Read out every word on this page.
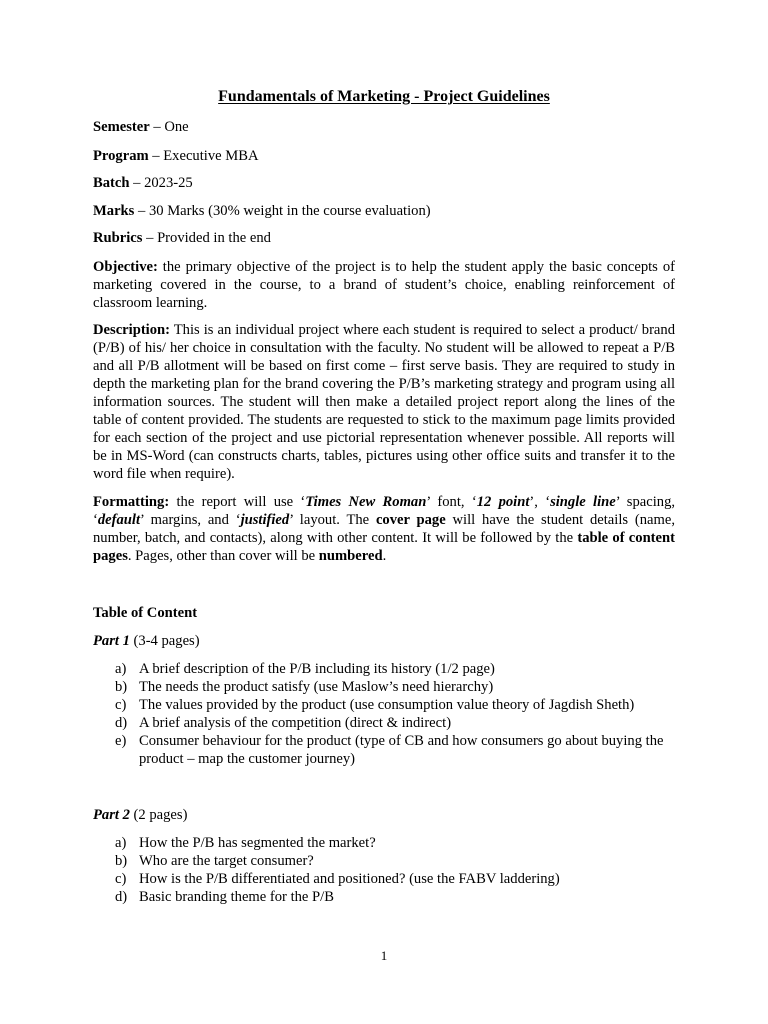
Fundamentals of Marketing - Project Guidelines
Semester – One
Program – Executive MBA
Batch – 2023-25
Marks – 30 Marks (30% weight in the course evaluation)
Rubrics – Provided in the end
Objective: the primary objective of the project is to help the student apply the basic concepts of marketing covered in the course, to a brand of student’s choice, enabling reinforcement of classroom learning.
Description: This is an individual project where each student is required to select a product/ brand (P/B) of his/ her choice in consultation with the faculty. No student will be allowed to repeat a P/B and all P/B allotment will be based on first come – first serve basis. They are required to study in depth the marketing plan for the brand covering the P/B’s marketing strategy and program using all information sources. The student will then make a detailed project report along the lines of the table of content provided. The students are requested to stick to the maximum page limits provided for each section of the project and use pictorial representation whenever possible. All reports will be in MS-Word (can constructs charts, tables, pictures using other office suits and transfer it to the word file when require).
Formatting: the report will use ‘Times New Roman’ font, ‘12 point’, ‘single line’ spacing, ‘default’ margins, and ‘justified’ layout. The cover page will have the student details (name, number, batch, and contacts), along with other content. It will be followed by the table of content pages. Pages, other than cover will be numbered.
Table of Content
Part 1 (3-4 pages)
a) A brief description of the P/B including its history (1/2 page)
b) The needs the product satisfy (use Maslow’s need hierarchy)
c) The values provided by the product (use consumption value theory of Jagdish Sheth)
d) A brief analysis of the competition (direct & indirect)
e) Consumer behaviour for the product (type of CB and how consumers go about buying the product – map the customer journey)
Part 2 (2 pages)
a) How the P/B has segmented the market?
b) Who are the target consumer?
c) How is the P/B differentiated and positioned? (use the FABV laddering)
d) Basic branding theme for the P/B
1
